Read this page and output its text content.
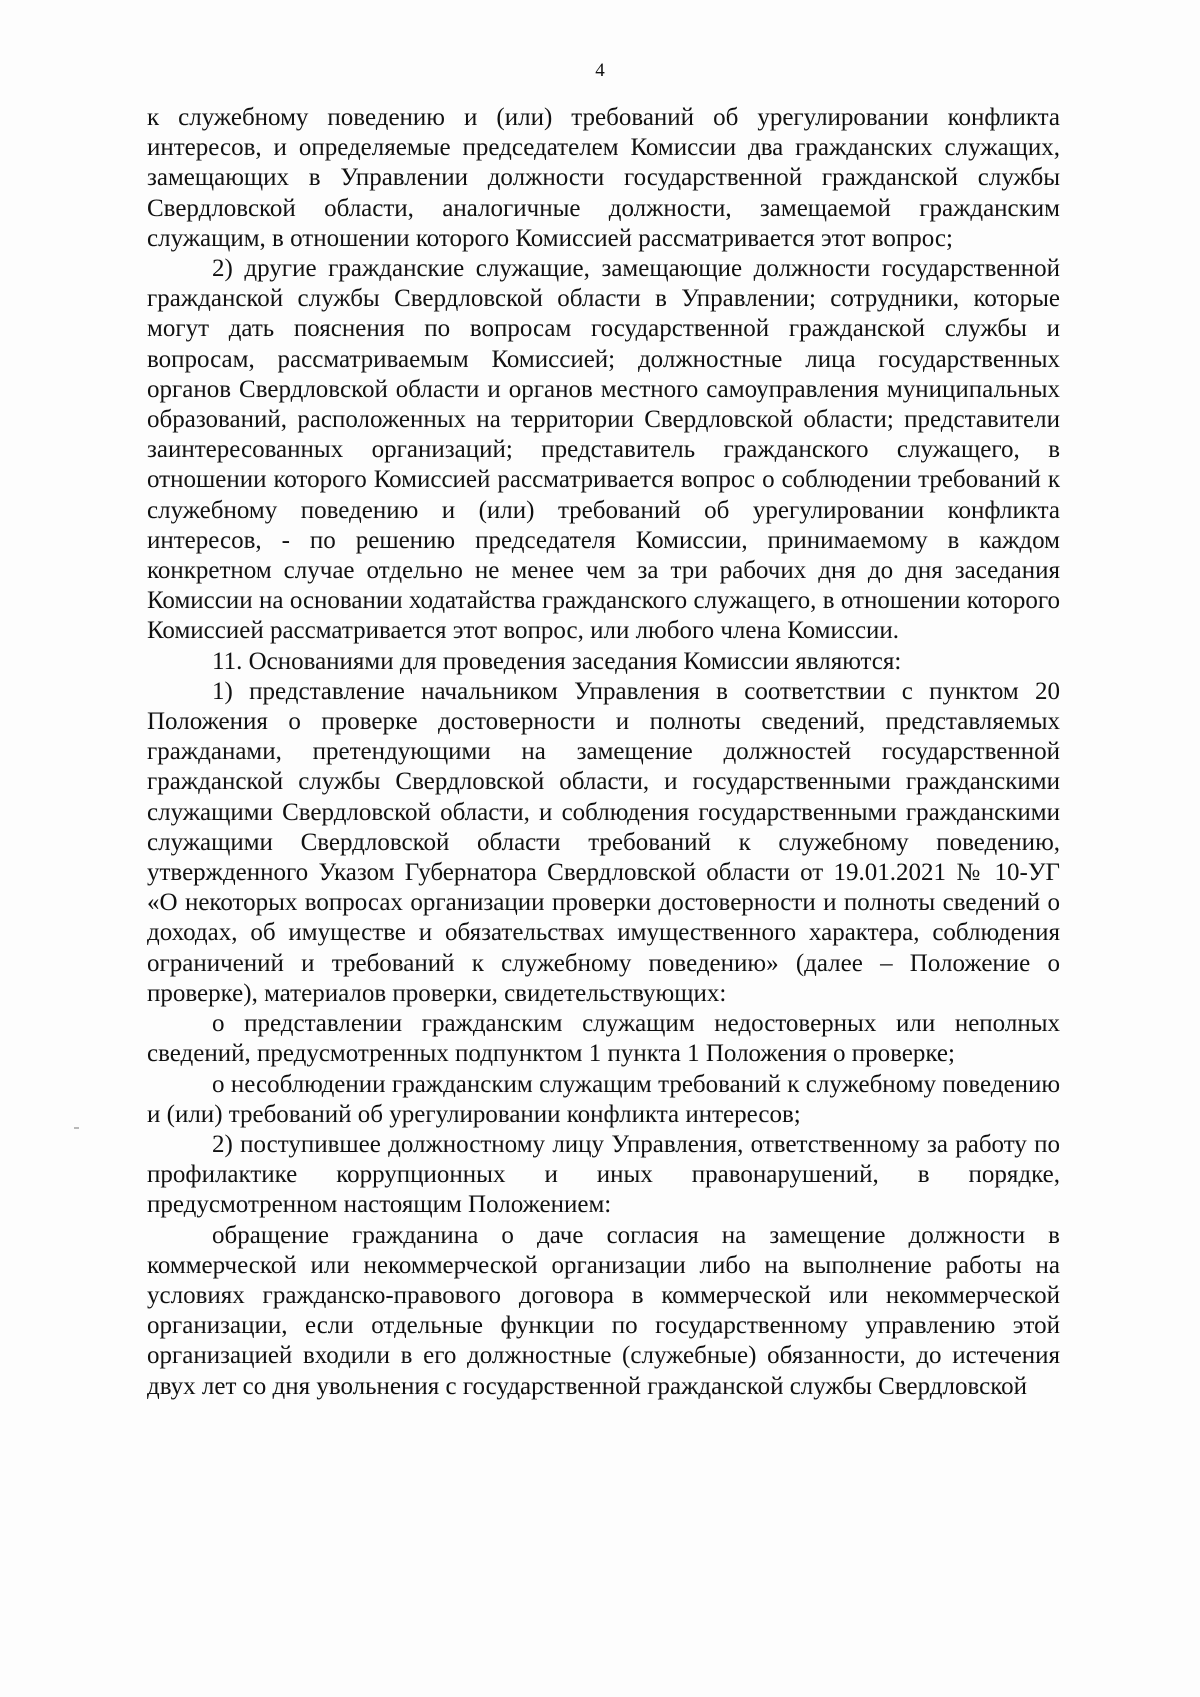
4

к служебному поведению и (или) требований об урегулировании конфликта интересов, и определяемые председателем Комиссии два гражданских служащих, замещающих в Управлении должности государственной гражданской службы Свердловской области, аналогичные должности, замещаемой гражданским служащим, в отношении которого Комиссией рассматривается этот вопрос;

2) другие гражданские служащие, замещающие должности государственной гражданской службы Свердловской области в Управлении; сотрудники, которые могут дать пояснения по вопросам государственной гражданской службы и вопросам, рассматриваемым Комиссией; должностные лица государственных органов Свердловской области и органов местного самоуправления муниципальных образований, расположенных на территории Свердловской области; представители заинтересованных организаций; представитель гражданского служащего, в отношении которого Комиссией рассматривается вопрос о соблюдении требований к служебному поведению и (или) требований об урегулировании конфликта интересов, - по решению председателя Комиссии, принимаемому в каждом конкретном случае отдельно не менее чем за три рабочих дня до дня заседания Комиссии на основании ходатайства гражданского служащего, в отношении которого Комиссией рассматривается этот вопрос, или любого члена Комиссии.

11. Основаниями для проведения заседания Комиссии являются:

1) представление начальником Управления в соответствии с пунктом 20 Положения о проверке достоверности и полноты сведений, представляемых гражданами, претендующими на замещение должностей государственной гражданской службы Свердловской области, и государственными гражданскими служащими Свердловской области, и соблюдения государственными гражданскими служащими Свердловской области требований к служебному поведению, утвержденного Указом Губернатора Свердловской области от 19.01.2021 № 10-УГ «О некоторых вопросах организации проверки достоверности и полноты сведений о доходах, об имуществе и обязательствах имущественного характера, соблюдения ограничений и требований к служебному поведению» (далее – Положение о проверке), материалов проверки, свидетельствующих:

о представлении гражданским служащим недостоверных или неполных сведений, предусмотренных подпунктом 1 пункта 1 Положения о проверке;

о несоблюдении гражданским служащим требований к служебному поведению и (или) требований об урегулировании конфликта интересов;

2) поступившее должностному лицу Управления, ответственному за работу по профилактике коррупционных и иных правонарушений, в порядке, предусмотренном настоящим Положением:

обращение гражданина о даче согласия на замещение должности в коммерческой или некоммерческой организации либо на выполнение работы на условиях гражданско-правового договора в коммерческой или некоммерческой организации, если отдельные функции по государственному управлению этой организацией входили в его должностные (служебные) обязанности, до истечения двух лет со дня увольнения с государственной гражданской службы Свердловской
